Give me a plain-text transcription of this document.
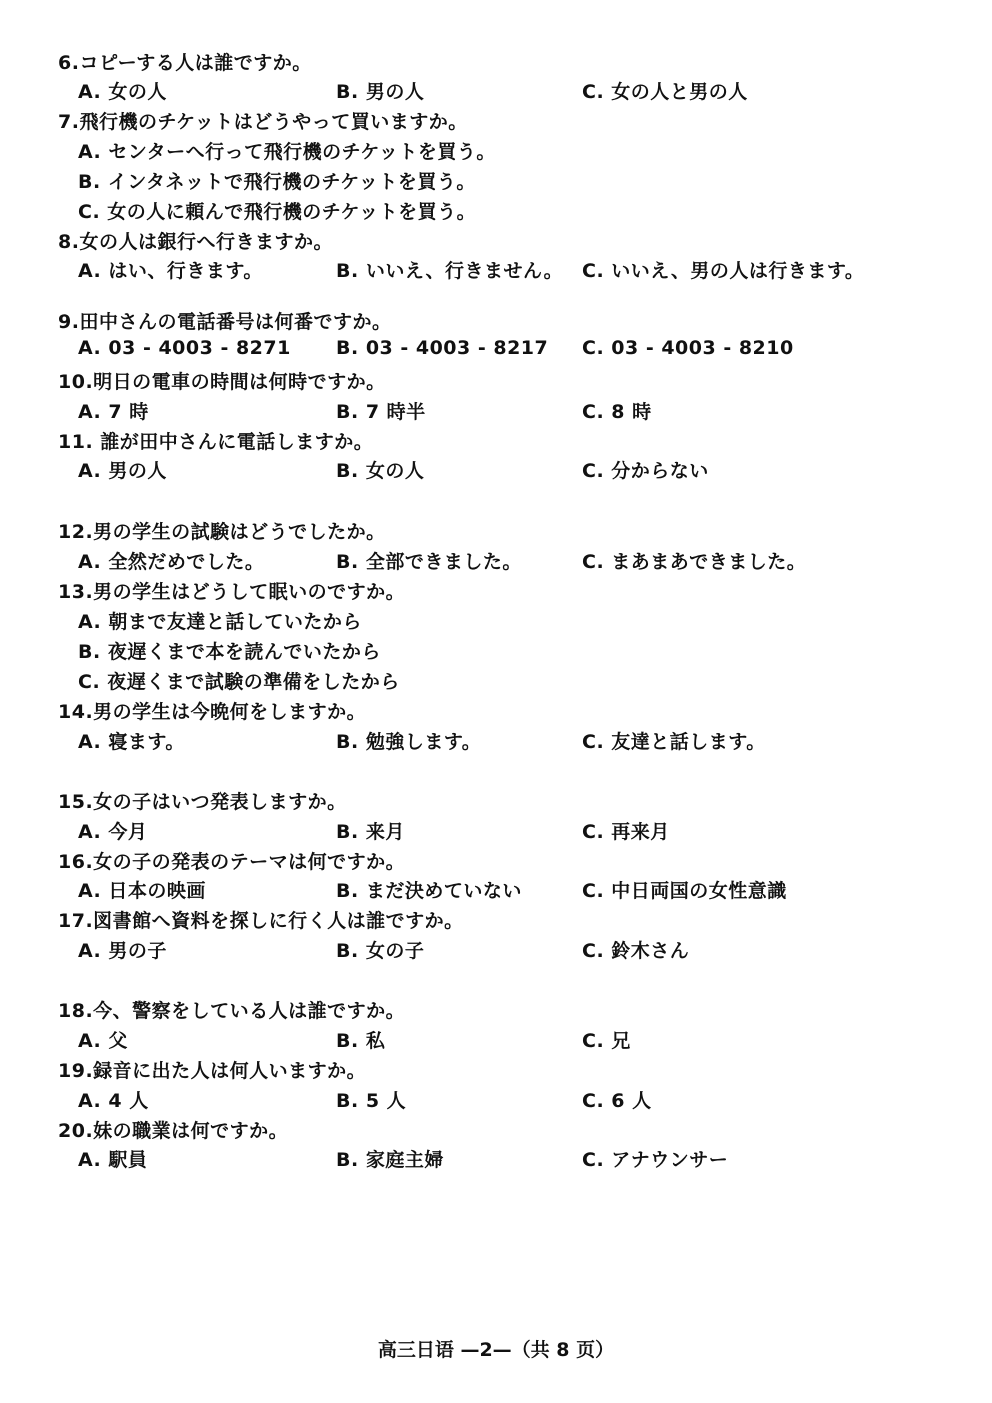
6.コピーする人は誰ですか。
A. 女の人	B. 男の人	C. 女の人と男の人
7.飛行機のチケットはどうやって買いますか。
A. センターへ行って飛行機のチケットを買う。
B. インタネットで飛行機のチケットを買う。
C. 女の人に頼んで飛行機のチケットを買う。
8.女の人は銀行へ行きますか。
A. はい、行きます。	B. いいえ、行きません。 C. いいえ、男の人は行きます。
9.田中さんの電話番号は何番ですか。
A. 03 - 4003 - 8271 B. 03 - 4003 - 8217 C. 03 - 4003 - 8210
10.明日の電車の時間は何時ですか。
A. 7 時	B. 7 時半	C. 8 時
11. 誰が田中さんに電話しますか。
A. 男の人	B. 女の人	C. 分からない
12.男の学生の試験はどうでしたか。
A. 全然だめでした。	B. 全部できました。	C. まあまあできました。
13.男の学生はどうして眠いのですか。
A. 朝まで友達と話していたから
B. 夜遅くまで本を読んでいたから
C. 夜遅くまで試験の準備をしたから
14.男の学生は今晩何をしますか。
A. 寝ます。	B. 勉強します。	C. 友達と話します。
15.女の子はいつ発表しますか。
A. 今月	B. 来月	C. 再来月
16.女の子の発表のテーマは何ですか。
A. 日本の映画	B. まだ決めていない	C. 中日両国の女性意識
17.図書館へ資料を探しに行く人は誰ですか。
A. 男の子	B. 女の子	C. 鈴木さん
18.今、警察をしている人は誰ですか。
A. 父	B. 私	C. 兄
19.録音に出た人は何人いますか。
A. 4 人	B. 5 人	C. 6 人
20.妹の職業は何ですか。
A. 駅員	B. 家庭主婦	C. アナウンサー
高三日语 —2—（共 8 页）
